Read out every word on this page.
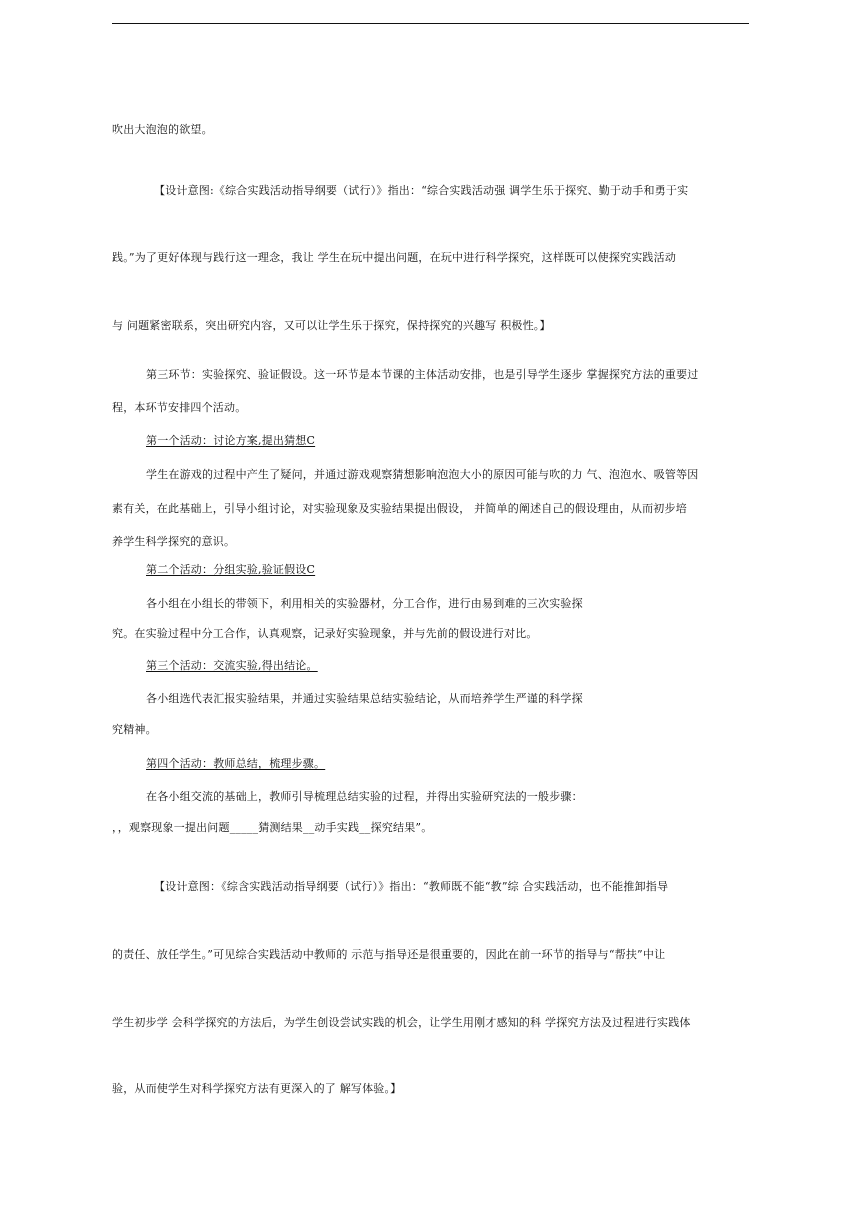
吹出大泡泡的欲望。
【设计意图:《综合实践活动指导纲要（试行）》指出：“综合实践活动强 调学生乐于探究、勤于动手和勇于实
践。”为了更好体现与践行这一理念，我让 学生在玩中提出问题，在玩中进行科学探究，这样既可以使探究实践活动
与 问题紧密联系，突出研究内容，又可以让学生乐于探究，保持探究的兴趣写 积极性。】
第三环节：实验探究、验证假设。这一环节是本节课的主体活动安排，也是引导学生逐步 掌握探究方法的重要过
程，本环节安排四个活动。
第一个活动：讨论方案,提出猜想C
学生在游戏的过程中产生了疑问，并通过游戏观察猜想影响泡泡大小的原因可能与吹的力 气、泡泡水、吸管等因
素有关，在此基础上，引导小组讨论，对实验现象及实验结果提出假设， 并简单的阐述自己的假设理由，从而初步培
养学生科学探究的意识。
第二个活动：分组实验,验证假设C
各小组在小组长的带领下，利用相关的实验器材，分工合作，进行由易到难的三次实验探
究。在实验过程中分工合作，认真观察，记录好实验现象，并与先前的假设进行对比。
第三个活动：交流实验,得出结论。
各小组选代表汇报实验结果，并通过实验结果总结实验结论，从而培养学生严谨的科学探
究精神。
第四个活动：教师总结，梳理步骤。
在各小组交流的基础上，教师引导梳理总结实验的过程，并得出实验研究法的一般步骤：
，，观察现象一提出问题_____猜测结果__动手实践__探究结果”。
【设计意图：《综含实践活动指导纲要（试行）》指出：“教师既不能“教”综 合实践活动，也不能推卸指导
的责任、放任学生。”可见综合实践活动中教师的 示范与指导还是很重要的，因此在前一环节的指导与“帮扶”中让
学生初步学 会科学探究的方法后，为学生创设尝试实践的机会，让学生用刚才感知的科 学探究方法及过程进行实践体
验，从而使学生对科学探究方法有更深入的了 解写体验。】
